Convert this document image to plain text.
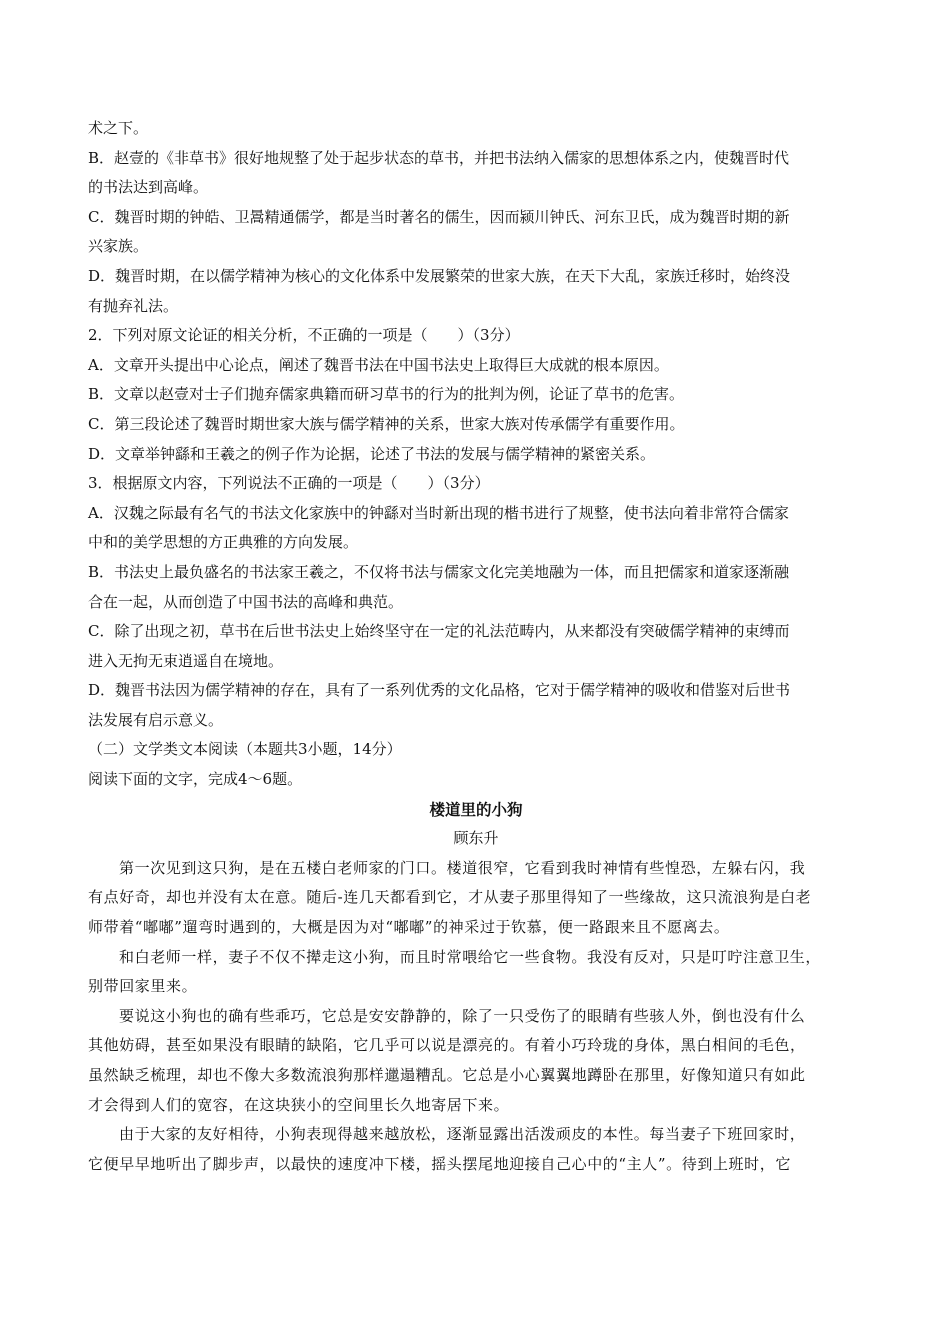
术之下。
B．赵壹的《非草书》很好地规整了处于起步状态的草书，并把书法纳入儒家的思想体系之内，使魏晋时代
的书法达到高峰。
C．魏晋时期的钟皓、卫暠精通儒学，都是当时著名的儒生，因而颍川钟氏、河东卫氏，成为魏晋时期的新
兴家族。
D．魏晋时期，在以儒学精神为核心的文化体系中发展繁荣的世家大族，在天下大乱，家族迁移时，始终没
有抛弃礼法。
2．下列对原文论证的相关分析，不正确的一项是（　　）（3分）
A．文章开头提出中心论点，阐述了魏晋书法在中国书法史上取得巨大成就的根本原因。
B．文章以赵壹对士子们抛弃儒家典籍而研习草书的行为的批判为例，论证了草书的危害。
C．第三段论述了魏晋时期世家大族与儒学精神的关系，世家大族对传承儒学有重要作用。
D．文章举钟繇和王羲之的例子作为论据，论述了书法的发展与儒学精神的紧密关系。
3．根据原文内容，下列说法不正确的一项是（　　）（3分）
A．汉魏之际最有名气的书法文化家族中的钟繇对当时新出现的楷书进行了规整，使书法向着非常符合儒家
中和的美学思想的方正典雅的方向发展。
B．书法史上最负盛名的书法家王羲之，不仅将书法与儒家文化完美地融为一体，而且把儒家和道家逐渐融
合在一起，从而创造了中国书法的高峰和典范。
C．除了出现之初，草书在后世书法史上始终坚守在一定的礼法范畴内，从来都没有突破儒学精神的束缚而
进入无拘无束逍遥自在境地。
D．魏晋书法因为儒学精神的存在，具有了一系列优秀的文化品格，它对于儒学精神的吸收和借鉴对后世书
法发展有启示意义。
（二）文学类文本阅读（本题共3小题，14分）
阅读下面的文字，完成4～6题。
楼道里的小狗
顾东升
第一次见到这只狗，是在五楼白老师家的门口。楼道很窄，它看到我时神情有些惶恐，左躲右闪，我
有点好奇，却也并没有太在意。随后-连几天都看到它，才从妻子那里得知了一些缘故，这只流浪狗是白老
师带着“嘟嘟”遛弯时遇到的，大概是因为对“嘟嘟”的神采过于钦慕，便一路跟来且不愿离去。
和白老师一样，妻子不仅不撵走这小狗，而且时常喂给它一些食物。我没有反对，只是叮咛注意卫生，
别带回家里来。
要说这小狗也的确有些乖巧，它总是安安静静的，除了一只受伤了的眼睛有些骇人外，倒也没有什么
其他妨碍，甚至如果没有眼睛的缺陷，它几乎可以说是漂亮的。有着小巧玲珑的身体，黑白相间的毛色，
虽然缺乏梳理，却也不像大多数流浪狗那样邋遢糟乱。它总是小心翼翼地蹲卧在那里，好像知道只有如此
才会得到人们的宽容，在这块狭小的空间里长久地寄居下来。
由于大家的友好相待，小狗表现得越来越放松，逐渐显露出活泼顽皮的本性。每当妻子下班回家时，
它便早早地听出了脚步声，以最快的速度冲下楼，摇头摆尾地迎接自己心中的“主人”。待到上班时，它
